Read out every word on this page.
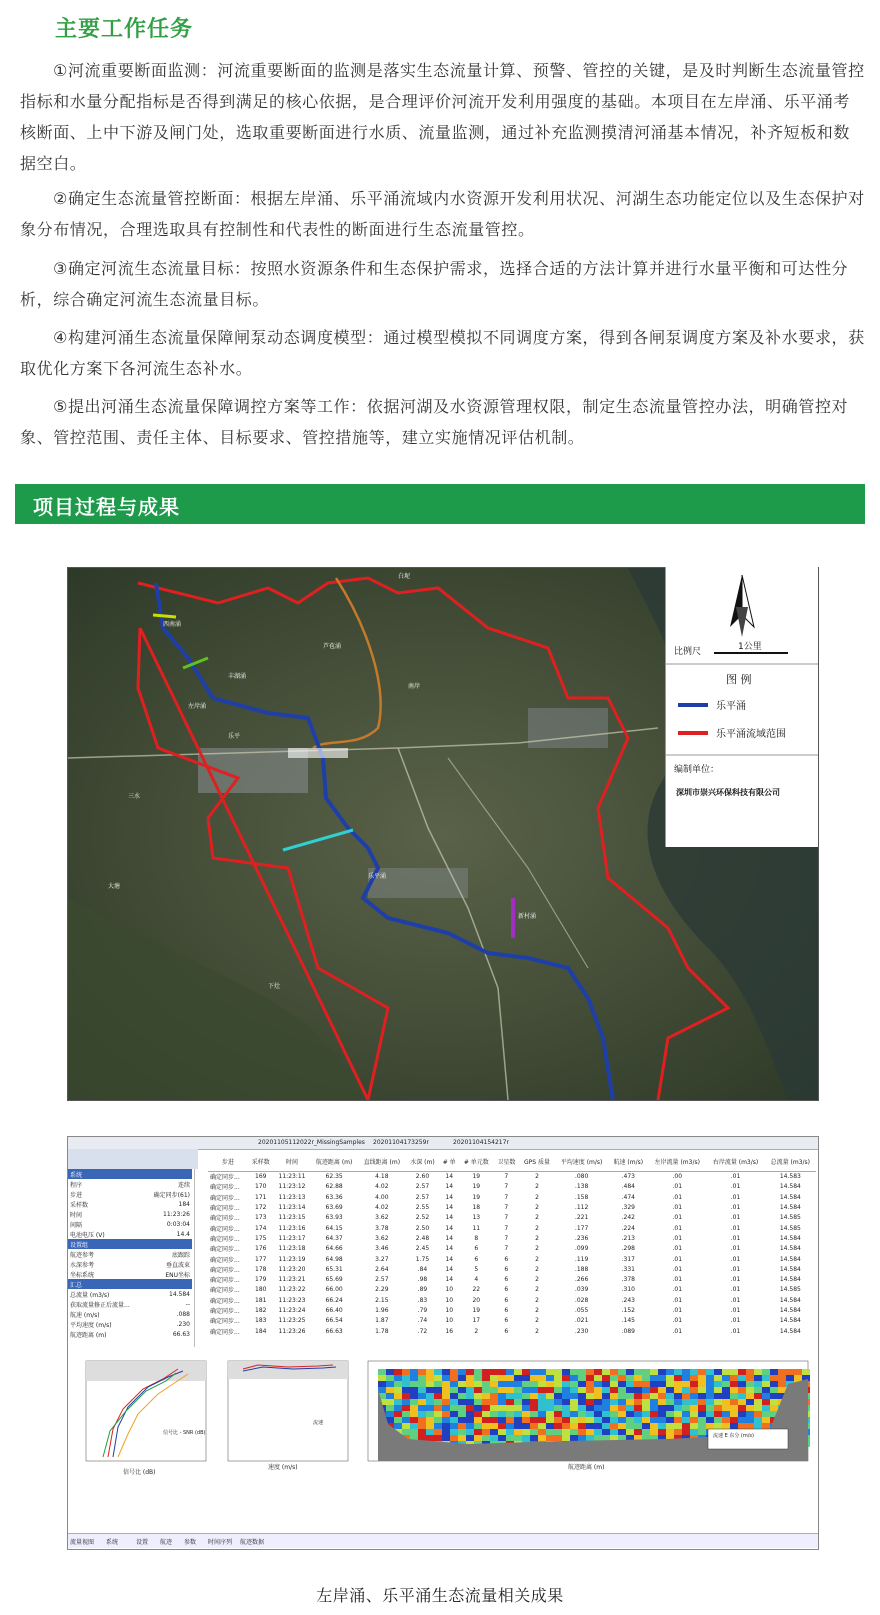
主要工作任务

①河流重要断面监测：河流重要断面的监测是落实生态流量计算、预警、管控的关键，是及时判断生态流量管控指标和水量分配指标是否得到满足的核心依据，是合理评价河流开发利用强度的基础。本项目在左岸涌、乐平涌考核断面、上中下游及闸门处，选取重要断面进行水质、流量监测，通过补充监测摸清河涌基本情况，补齐短板和数据空白。

②确定生态流量管控断面：根据左岸涌、乐平涌流域内水资源开发利用状况、河湖生态功能定位以及生态保护对象分布情况，合理选取具有控制性和代表性的断面进行生态流量管控。

③确定河流生态流量目标：按照水资源条件和生态保护需求，选择合适的方法计算并进行水量平衡和可达性分析，综合确定河流生态流量目标。

④构建河涌生态流量保障闸泵动态调度模型：通过模型模拟不同调度方案，得到各闸泵调度方案及补水要求，获取优化方案下各河流生态补水。

⑤提出河涌生态流量保障调控方案等工作：依据河湖及水资源管理权限，制定生态流量管控办法，明确管控对象、管控范围、责任主体、目标要求、管控措施等，建立实施情况评估机制。

项目过程与成果
西南涌
芦苞涌
乐平涌
丰湖涌
新村涌
白坭
乐平
南岸
三水
大塘
左岸涌
下灶
比例尺	1公里
图 例
乐平涌
乐平涌流域范围
编制单位：
深圳市崇兴环保科技有限公司
20201105112022r_MissingSamples 20201104173259r	20201104154217r
系统	
程序	连续
步进	确定同步(61)
采样数	184
时间	11:23:26
间隔	0:03:04
电池电压 (V)	14.4
设置组	
航迹参考	底跟踪
水深参考	垂直波束
坐标系统	ENU坐标
汇总	
总流量 (m3/s)	14.584
获取流量修正后流量...	--
航速 (m/s)	.088
平均速度 (m/s)	.230
航迹距离 (m)	66.63
步进	采样数	时间	航迹距离 (m)	直线距离 (m)	水深 (m)	# 单	# 单元数	卫星数	GPS 质量	平均速度 (m/s)	航速 (m/s)	左岸流量 (m3/s)	右岸流量 (m3/s)	总流量 (m3/s)
确定同步...	169	11:23:11	62.35	4.18	2.60	14	19	7	2	.080	.473	.00	.01	14.583
确定同步...	170	11:23:12	62.88	4.02	2.57	14	19	7	2	.138	.484	.01	.01	14.584
确定同步...	171	11:23:13	63.36	4.00	2.57	14	19	7	2	.158	.474	.01	.01	14.584
确定同步...	172	11:23:14	63.69	4.02	2.55	14	18	7	2	.112	.329	.01	.01	14.584
确定同步...	173	11:23:15	63.93	3.62	2.52	14	13	7	2	.221	.242	.01	.01	14.585
确定同步...	174	11:23:16	64.15	3.78	2.50	14	11	7	2	.177	.224	.01	.01	14.585
确定同步...	175	11:23:17	64.37	3.62	2.48	14	8	7	2	.236	.213	.01	.01	14.584
确定同步...	176	11:23:18	64.66	3.46	2.45	14	6	7	2	.099	.298	.01	.01	14.584
确定同步...	177	11:23:19	64.98	3.27	1.75	14	6	6	2	.119	.317	.01	.01	14.584
确定同步...	178	11:23:20	65.31	2.64	.84	14	5	6	2	.188	.331	.01	.01	14.584
确定同步...	179	11:23:21	65.69	2.57	.98	14	4	6	2	.266	.378	.01	.01	14.584
确定同步...	180	11:23:22	66.00	2.29	.89	10	22	6	2	.039	.310	.01	.01	14.585
确定同步...	181	11:23:23	66.24	2.15	.83	10	20	6	2	.028	.243	.01	.01	14.584
确定同步...	182	11:23:24	66.40	1.96	.79	10	19	6	2	.055	.152	.01	.01	14.584
确定同步...	183	11:23:25	66.54	1.87	.74	10	17	6	2	.021	.145	.01	.01	14.584
确定同步...	184	11:23:26	66.63	1.78	.72	16	2	6	2	.230	.089	.01	.01	14.584
信号比 (dB)
信号比 - SNR (dB)
速度 (m/s)
流速
流速 E 东分 (m/s)
航迹距离 (m)
流量视图 系统	设置 航迹 参数 时间序列 航迹数据
左岸涌、乐平涌生态流量相关成果
